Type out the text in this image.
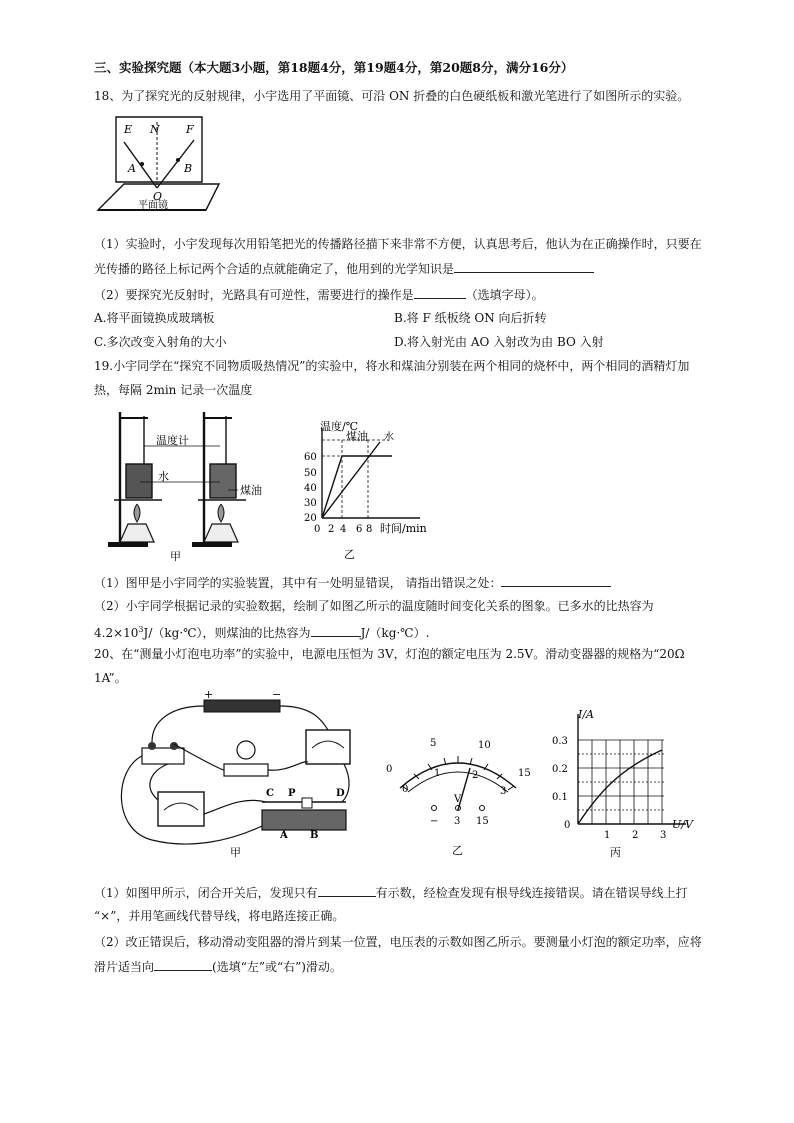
三、实验探究题（本大题3小题，第18题4分，第19题4分，第20题8分，满分16分）
18、为了探究光的反射规律，小宇选用了平面镜、可沿 ON 折叠的白色硬纸板和激光笔进行了如图所示的实验。
E N F
A	B
O
平面镜
（1）实验时，小宇发现每次用铅笔把光的传播路径描下来非常不方便，认真思考后，他认为在正确操作时，只要在
光传播的路径上标记两个合适的点就能确定了，他用到的光学知识是
（2）要探究光反射时，光路具有可逆性，需要进行的操作是	（选填字母）。
A.将平面镜换成玻璃板	B.将 F 纸板绕 ON 向后折转
C.多次改变入射角的大小	D.将入射光由 AO 入射改为由 BO 入射
19.小宇同学在“探究不同物质吸热情况”的实验中，将水和煤油分别装在两个相同的烧杯中，两个相同的酒精灯加
热，每隔 2min 记录一次温度
温度计
水
煤油
甲
60
50
40
30
20
0 2 4 6 8
温度/℃
煤油 水
时间/min
乙
（1）图甲是小宇同学的实验装置，其中有一处明显错误， 请指出错误之处：
（2）小宇同学根据记录的实验数据，绘制了如图乙所示的温度随时间变化关系的图象。已多水的比热容为
$4.2\times 10^3J/(kg\cdot℃)$，则煤油的比热容为	J/（kg·℃）.
20、在“测量小灯泡电功率”的实验中，电源电压恒为 3V，灯泡的额定电压为 2.5V。滑动变器器的规格为“20Ω
1A”。
+	−
C P	D
A B
甲
5	10
0	15
0
1	2
3
V
− 3 15
乙
I/A
U/V
0.3
0.2
0.1
0
1 2 3
丙
（1）如图甲所示，闭合开关后，发现只有	有示数，经检查发现有根导线连接错误。请在错误导线上打
“×”，并用笔画线代替导线，将电路连接正确。
（2）改正错误后，移动滑动变阻器的滑片到某一位置，电压表的示数如图乙所示。要测量小灯泡的额定功率，应将
滑片适当向	(选填“左”或“右”)滑动。
